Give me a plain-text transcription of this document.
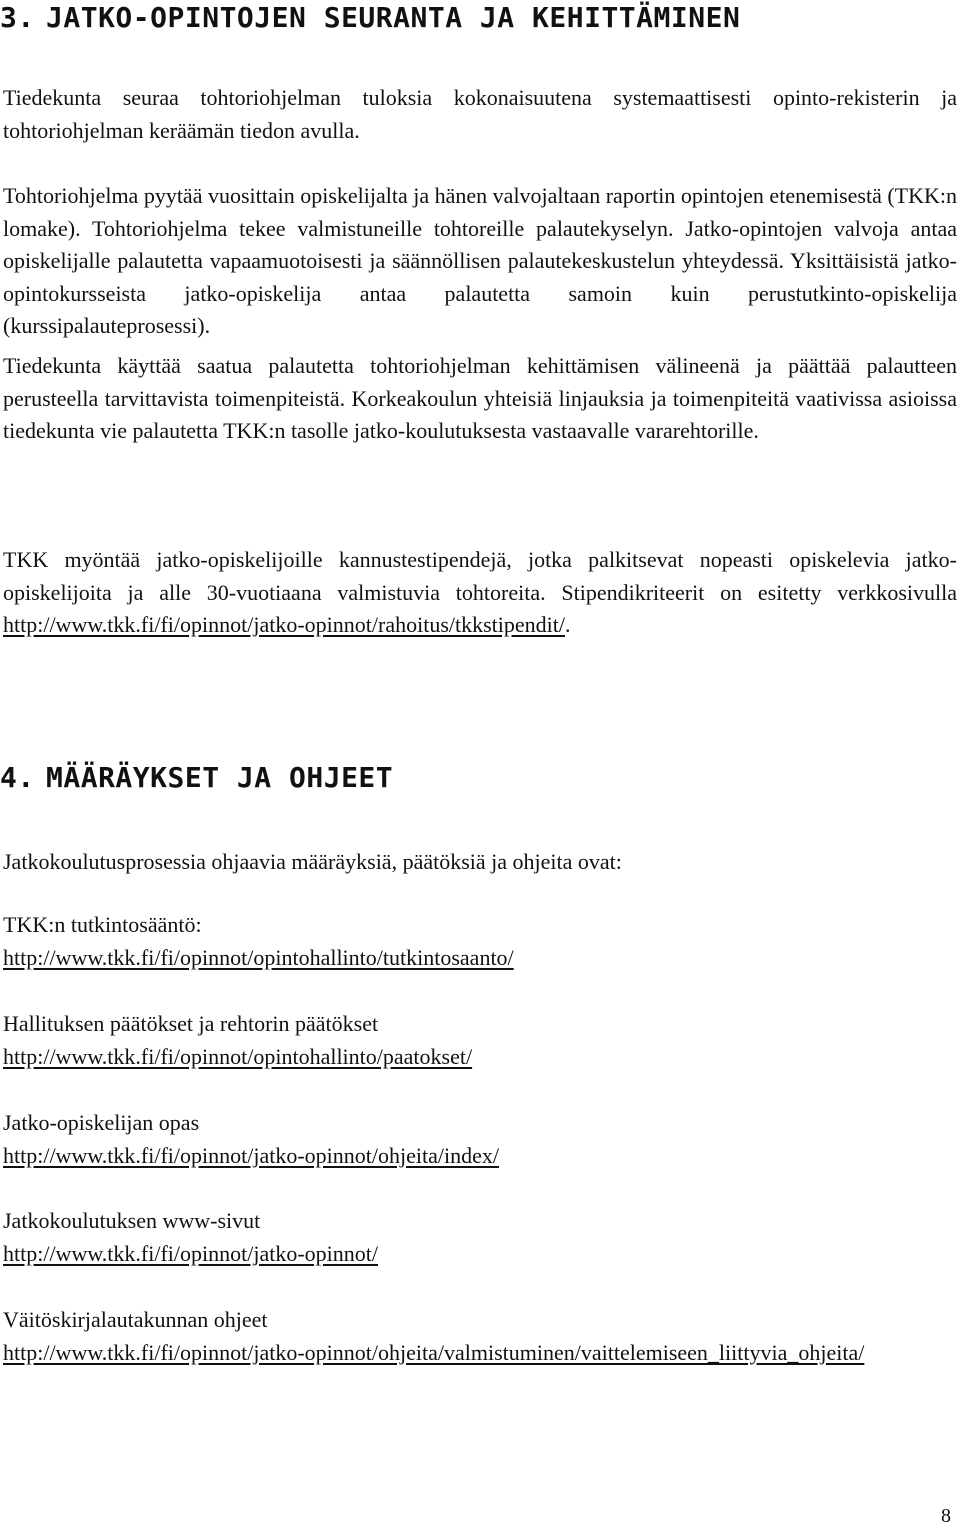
3. JATKO-OPINTOJEN SEURANTA JA KEHITTÄMINEN

Tiedekunta seuraa tohtoriohjelman tuloksia kokonaisuutena systemaattisesti opinto-rekisterin ja tohtoriohjelman keräämän tiedon avulla.

Tohtoriohjelma pyytää vuosittain opiskelijalta ja hänen valvojaltaan raportin opintojen etenemisestä (TKK:n lomake). Tohtoriohjelma tekee valmistuneille tohtoreille palautekyselyn. Jatko-opintojen valvoja antaa opiskelijalle palautetta vapaamuotoisesti ja säännöllisen palautekeskustelun yhteydessä. Yksittäisistä jatko-opintokursseista jatko-opiskelija antaa palautetta samoin kuin perustutkinto-opiskelija (kurssipalauteprosessi).

Tiedekunta käyttää saatua palautetta tohtoriohjelman kehittämisen välineenä ja päättää palautteen perusteella tarvittavista toimenpiteistä. Korkeakoulun yhteisiä linjauksia ja toimenpiteitä vaativissa asioissa tiedekunta vie palautetta TKK:n tasolle jatko-koulutuksesta vastaavalle vararehtorille.

TKK myöntää jatko-opiskelijoille kannustestipendejä, jotka palkitsevat nopeasti opiskelevia jatko-opiskelijoita ja alle 30-vuotiaana valmistuvia tohtoreita. Stipendikriteerit on esitetty verkkosivulla http://www.tkk.fi/fi/opinnot/jatko-opinnot/rahoitus/tkkstipendit/.

4. MÄÄRÄYKSET JA OHJEET

Jatkokoulutusprosessia ohjaavia määräyksiä, päätöksiä ja ohjeita ovat:

TKK:n tutkintosääntö:
http://www.tkk.fi/fi/opinnot/opintohallinto/tutkintosaanto/
Hallituksen päätökset ja rehtorin päätökset
http://www.tkk.fi/fi/opinnot/opintohallinto/paatokset/
Jatko-opiskelijan opas
http://www.tkk.fi/fi/opinnot/jatko-opinnot/ohjeita/index/
Jatkokoulutuksen www-sivut
http://www.tkk.fi/fi/opinnot/jatko-opinnot/
Väitöskirjalautakunnan ohjeet
http://www.tkk.fi/fi/opinnot/jatko-opinnot/ohjeita/valmistuminen/vaittelemiseen_liittyvia_ohjeita/
8
